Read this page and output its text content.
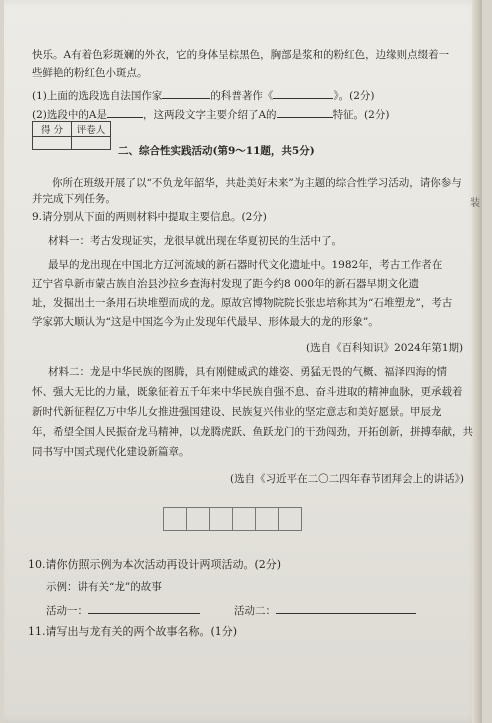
装
快乐。A有着色彩斑斓的外衣，它的身体呈棕黑色，胸部是浆和的粉红色，边缘则点缀着一
些鲜艳的粉红色小斑点。
(1)上面的选段选自法国作家	的科普著作《	》。(2分)
(2)选段中的A是	，这两段文字主要介绍了A的	特征。(2分)
得 分	评卷人

二、综合性实践活动(第9～11题，共5分)
你所在班级开展了以“不负龙年韶华，共赴美好未来”为主题的综合性学习活动，请你参与
并完成下列任务。
9.请分别从下面的两则材料中提取主要信息。(2分)
材料一：考古发现证实，龙很早就出现在华夏初民的生活中了。
最早的龙出现在中国北方辽河流域的新石器时代文化遗址中。1982年，考古工作者在
辽宁省阜新市蒙古族自治县沙拉乡查海村发现了距今约8 000年的新石器早期文化遗
址，发掘出土一条用石块堆塑而成的龙。原故宫博物院院长张忠培称其为“石堆塑龙”，考古
学家郭大顺认为“这是中国迄今为止发现年代最早、形体最大的龙的形象”。
(选自《百科知识》2024年第1期)
材料二：龙是中华民族的图腾，具有刚健威武的雄姿、勇猛无畏的气概、福泽四海的情
怀、强大无比的力量，既象征着五千年来中华民族自强不息、奋斗进取的精神血脉，更承载着
新时代新征程亿万中华儿女推进强国建设、民族复兴伟业的坚定意志和美好愿景。甲辰龙
年，希望全国人民振奋龙马精神，以龙腾虎跃、鱼跃龙门的干劲闯劲，开拓创新，拼搏奉献，共
同书写中国式现代化建设新篇章。
(选自《习近平在二〇二四年春节团拜会上的讲话》)
10.请你仿照示例为本次活动再设计两项活动。(2分)
示例：讲有关“龙”的故事
活动一：	活动二：
11.请写出与龙有关的两个故事名称。(1分)
